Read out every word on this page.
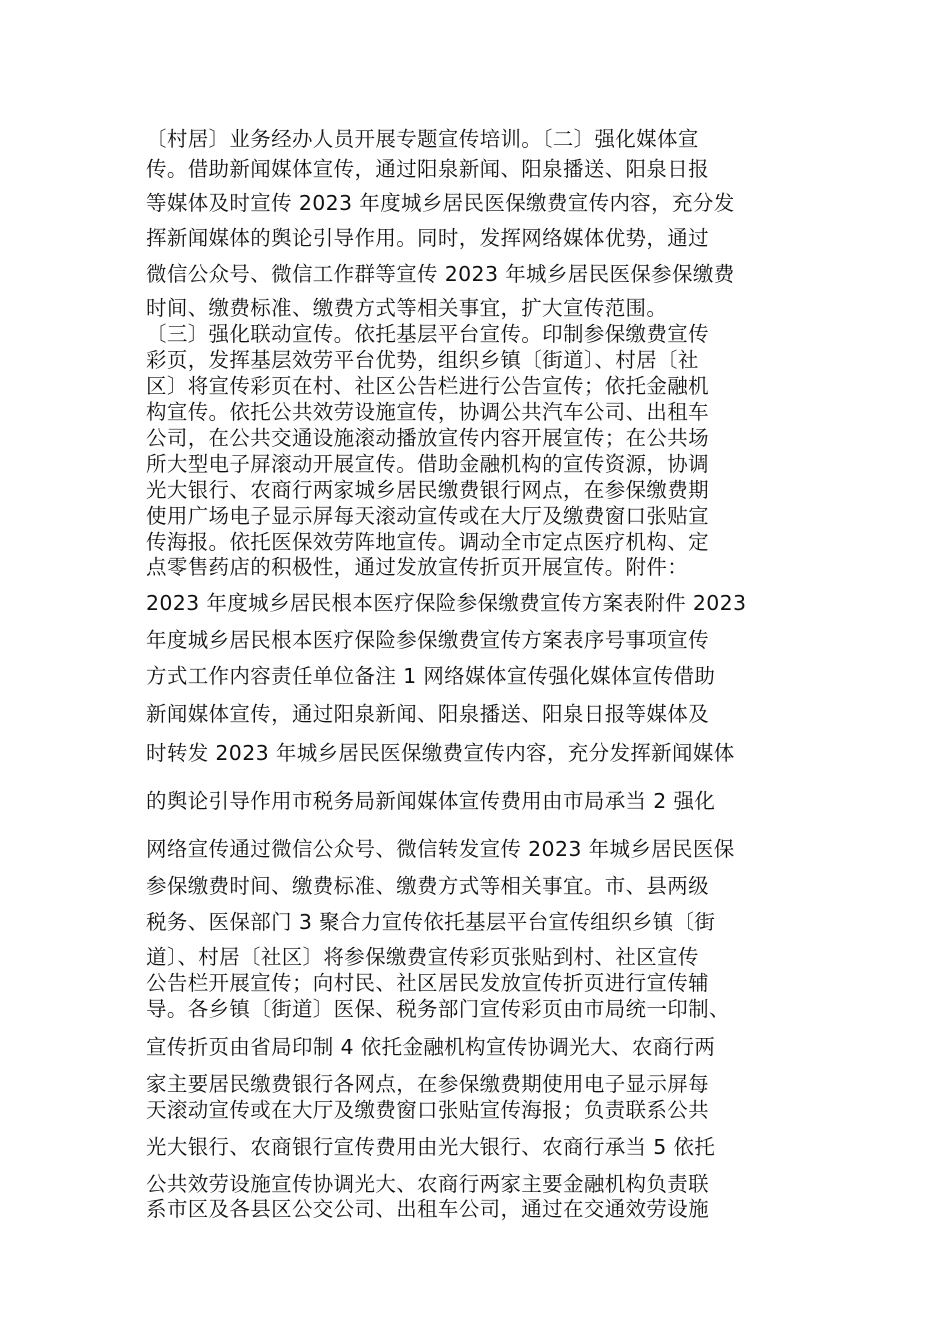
〔村居〕业务经办人员开展专题宣传培训。〔二〕强化媒体宣
传。借助新闻媒体宣传，通过阳泉新闻、阳泉播送、阳泉日报
等媒体及时宣传 2023 年度城乡居民医保缴费宣传内容，充分发
挥新闻媒体的舆论引导作用。同时，发挥网络媒体优势，通过
微信公众号、微信工作群等宣传 2023 年城乡居民医保参保缴费
时间、缴费标准、缴费方式等相关事宜，扩大宣传范围。
〔三〕强化联动宣传。依托基层平台宣传。印制参保缴费宣传
彩页，发挥基层效劳平台优势，组织乡镇〔街道〕、村居〔社
区〕将宣传彩页在村、社区公告栏进行公告宣传；依托金融机
构宣传。依托公共效劳设施宣传，协调公共汽车公司、出租车
公司，在公共交通设施滚动播放宣传内容开展宣传；在公共场
所大型电子屏滚动开展宣传。借助金融机构的宣传资源，协调
光大银行、农商行两家城乡居民缴费银行网点，在参保缴费期
使用广场电子显示屏每天滚动宣传或在大厅及缴费窗口张贴宣
传海报。依托医保效劳阵地宣传。调动全市定点医疗机构、定
点零售药店的积极性，通过发放宣传折页开展宣传。附件：
2023 年度城乡居民根本医疗保险参保缴费宣传方案表附件 2023
年度城乡居民根本医疗保险参保缴费宣传方案表序号事项宣传
方式工作内容责任单位备注 1 网络媒体宣传强化媒体宣传借助
新闻媒体宣传，通过阳泉新闻、阳泉播送、阳泉日报等媒体及
时转发 2023 年城乡居民医保缴费宣传内容，充分发挥新闻媒体
的舆论引导作用市税务局新闻媒体宣传费用由市局承当 2 强化
网络宣传通过微信公众号、微信转发宣传 2023 年城乡居民医保
参保缴费时间、缴费标准、缴费方式等相关事宜。市、县两级
税务、医保部门 3 聚合力宣传依托基层平台宣传组织乡镇〔街
道〕、村居〔社区〕将参保缴费宣传彩页张贴到村、社区宣传
公告栏开展宣传；向村民、社区居民发放宣传折页进行宣传辅
导。各乡镇〔街道〕医保、税务部门宣传彩页由市局统一印制、
宣传折页由省局印制 4 依托金融机构宣传协调光大、农商行两
家主要居民缴费银行各网点，在参保缴费期使用电子显示屏每
天滚动宣传或在大厅及缴费窗口张贴宣传海报；负责联系公共
光大银行、农商银行宣传费用由光大银行、农商行承当 5 依托
公共效劳设施宣传协调光大、农商行两家主要金融机构负责联
系市区及各县区公交公司、出租车公司，通过在交通效劳设施
